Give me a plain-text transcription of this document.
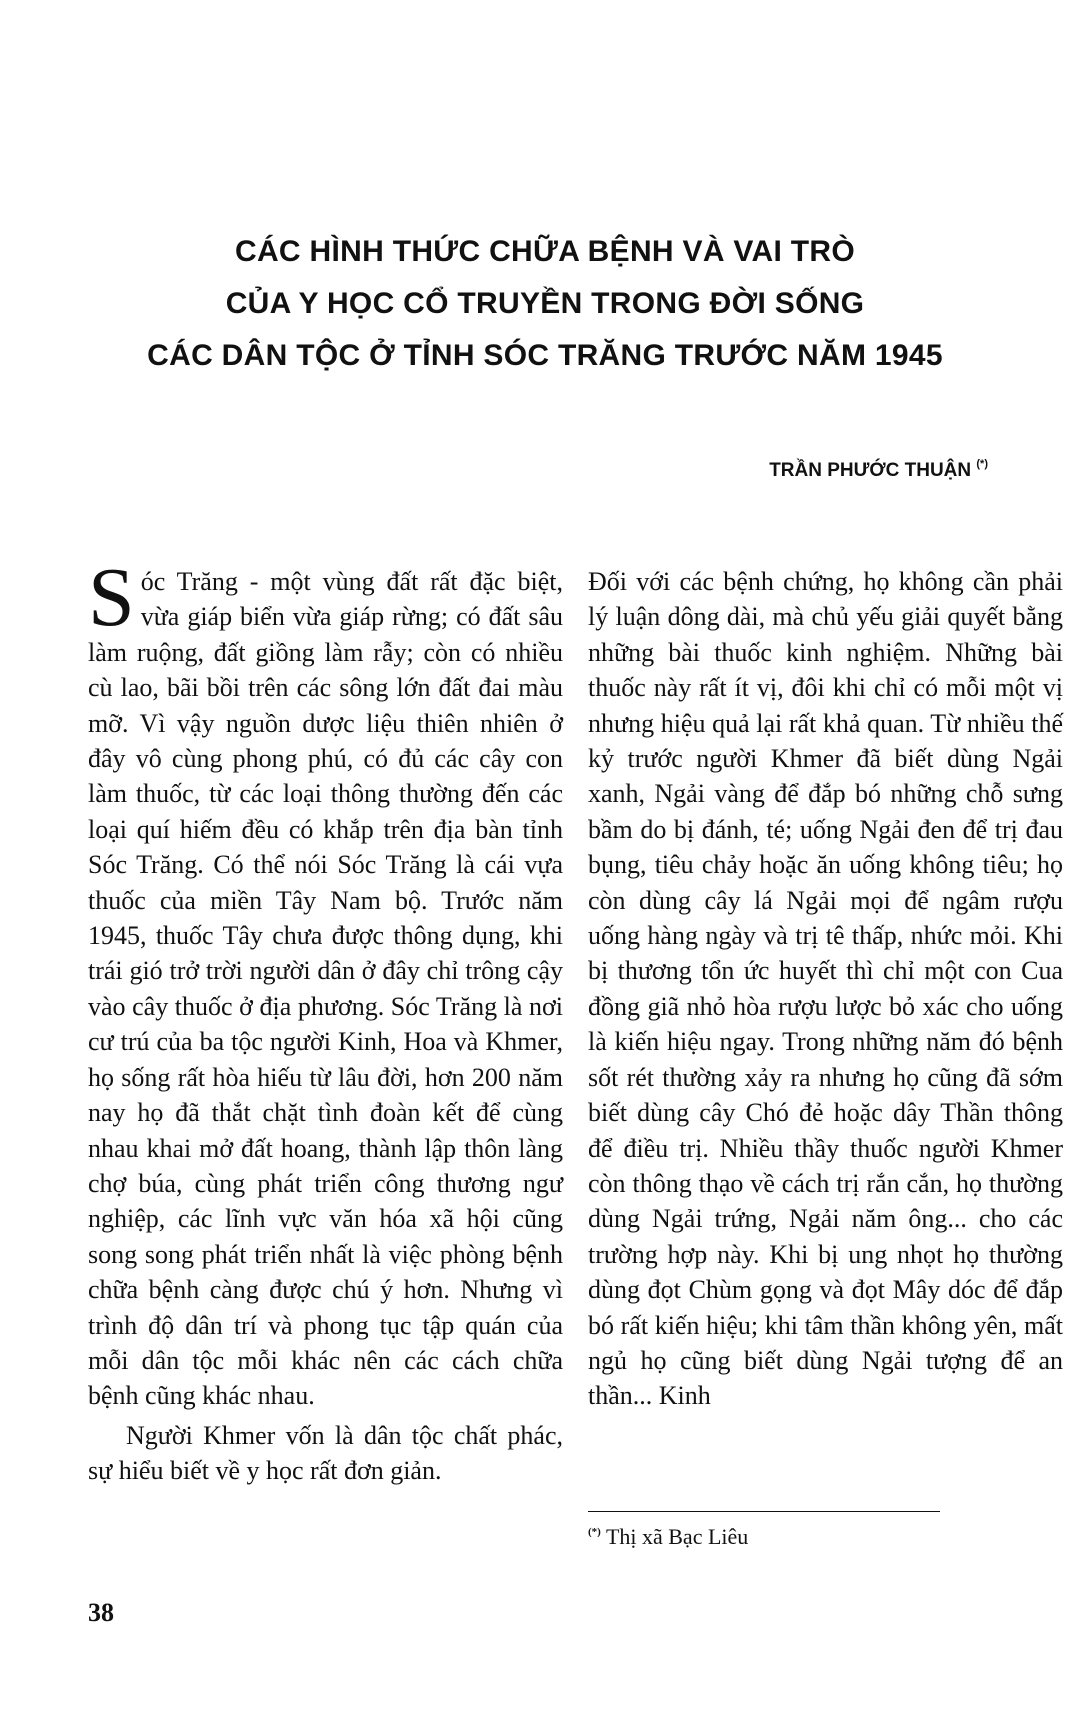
CÁC HÌNH THỨC CHỮA BỆNH VÀ VAI TRÒ
CỦA Y HỌC CỔ TRUYỀN TRONG ĐỜI SỐNG
CÁC DÂN TỘC Ở TỈNH SÓC TRĂNG TRƯỚC NĂM 1945
TRẦN PHƯỚC THUẬN (*)

Sóc Trăng - một vùng đất rất đặc biệt, vừa giáp biển vừa giáp rừng; có đất sâu làm ruộng, đất giồng làm rẫy; còn có nhiều cù lao, bãi bồi trên các sông lớn đất đai màu mỡ. Vì vậy nguồn dược liệu thiên nhiên ở đây vô cùng phong phú, có đủ các cây con làm thuốc, từ các loại thông thường đến các loại quí hiếm đều có khắp trên địa bàn tỉnh Sóc Trăng. Có thể nói Sóc Trăng là cái vựa thuốc của miền Tây Nam bộ. Trước năm 1945, thuốc Tây chưa được thông dụng, khi trái gió trở trời người dân ở đây chỉ trông cậy vào cây thuốc ở địa phương. Sóc Trăng là nơi cư trú của ba tộc người Kinh, Hoa và Khmer, họ sống rất hòa hiếu từ lâu đời, hơn 200 năm nay họ đã thắt chặt tình đoàn kết để cùng nhau khai mở đất hoang, thành lập thôn làng chợ búa, cùng phát triển công thương ngư nghiệp, các lĩnh vực văn hóa xã hội cũng song song phát triển nhất là việc phòng bệnh chữa bệnh càng được chú ý hơn. Nhưng vì trình độ dân trí và phong tục tập quán của mỗi dân tộc mỗi khác nên các cách chữa bệnh cũng khác nhau.

Người Khmer vốn là dân tộc chất phác, sự hiểu biết về y học rất đơn giản.

Đối với các bệnh chứng, họ không cần phải lý luận dông dài, mà chủ yếu giải quyết bằng những bài thuốc kinh nghiệm. Những bài thuốc này rất ít vị, đôi khi chỉ có mỗi một vị nhưng hiệu quả lại rất khả quan. Từ nhiều thế kỷ trước người Khmer đã biết dùng Ngải xanh, Ngải vàng để đắp bó những chỗ sưng bầm do bị đánh, té; uống Ngải đen để trị đau bụng, tiêu chảy hoặc ăn uống không tiêu; họ còn dùng cây lá Ngải mọi để ngâm rượu uống hàng ngày và trị tê thấp, nhức mỏi. Khi bị thương tổn ức huyết thì chỉ một con Cua đồng giã nhỏ hòa rượu lược bỏ xác cho uống là kiến hiệu ngay. Trong những năm đó bệnh sốt rét thường xảy ra nhưng họ cũng đã sớm biết dùng cây Chó đẻ hoặc dây Thần thông để điều trị. Nhiều thầy thuốc người Khmer còn thông thạo về cách trị rắn cắn, họ thường dùng Ngải trứng, Ngải năm ông... cho các trường hợp này. Khi bị ung nhọt họ thường dùng đọt Chùm gọng và đọt Mây dóc để đắp bó rất kiến hiệu; khi tâm thần không yên, mất ngủ họ cũng biết dùng Ngải tượng để an thần... Kinh

(*) Thị xã Bạc Liêu
38
